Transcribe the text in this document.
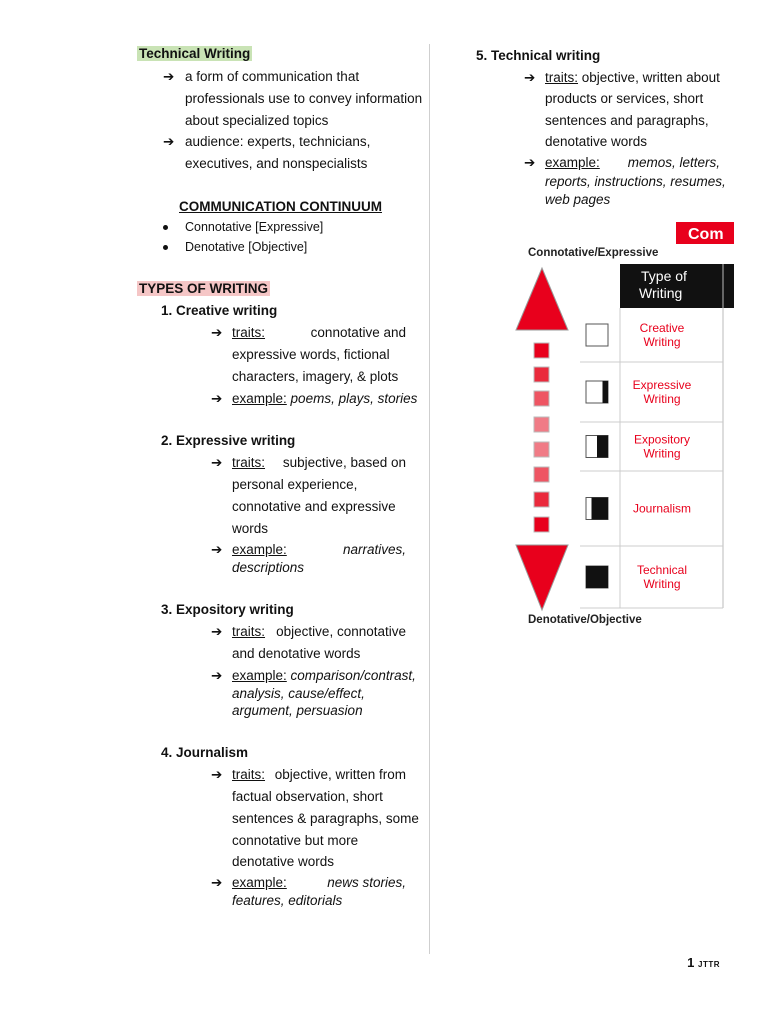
Technical Writing
➔ a form of communication that
professionals use to convey information
about specialized topics
➔ audience: experts, technicians,
executives, and nonspecialists
COMMUNICATION CONTINUUM
Connotative [Expressive]
Denotative [Objective]
TYPES OF WRITING
1. Creative writing
➔ traits:	connotative and
expressive words, fictional
characters, imagery, & plots
➔ example: poems, plays, stories
2. Expressive writing
➔ traits: subjective, based on
personal experience,
connotative and expressive
words
➔ example:	narratives,
descriptions
3. Expository writing
➔ traits: objective, connotative
and denotative words
➔ example: comparison/contrast,
analysis, cause/effect,
argument, persuasion
4. Journalism
➔ traits: objective, written from
factual observation, short
sentences & paragraphs, some
connotative but more
denotative words
➔ example:	news stories,
features, editorials
5. Technical writing
➔ traits: objective, written about
products or services, short
sentences and paragraphs,
denotative words
➔ example: memos, letters,
reports, instructions, resumes,
web pages
Com
Connotative/Expressive
Denotative/Objective
Type of
Writing
Creative
Writing
Expressive
Writing
Expository
Writing
Journalism
Technical
Writing
1 JTTR
